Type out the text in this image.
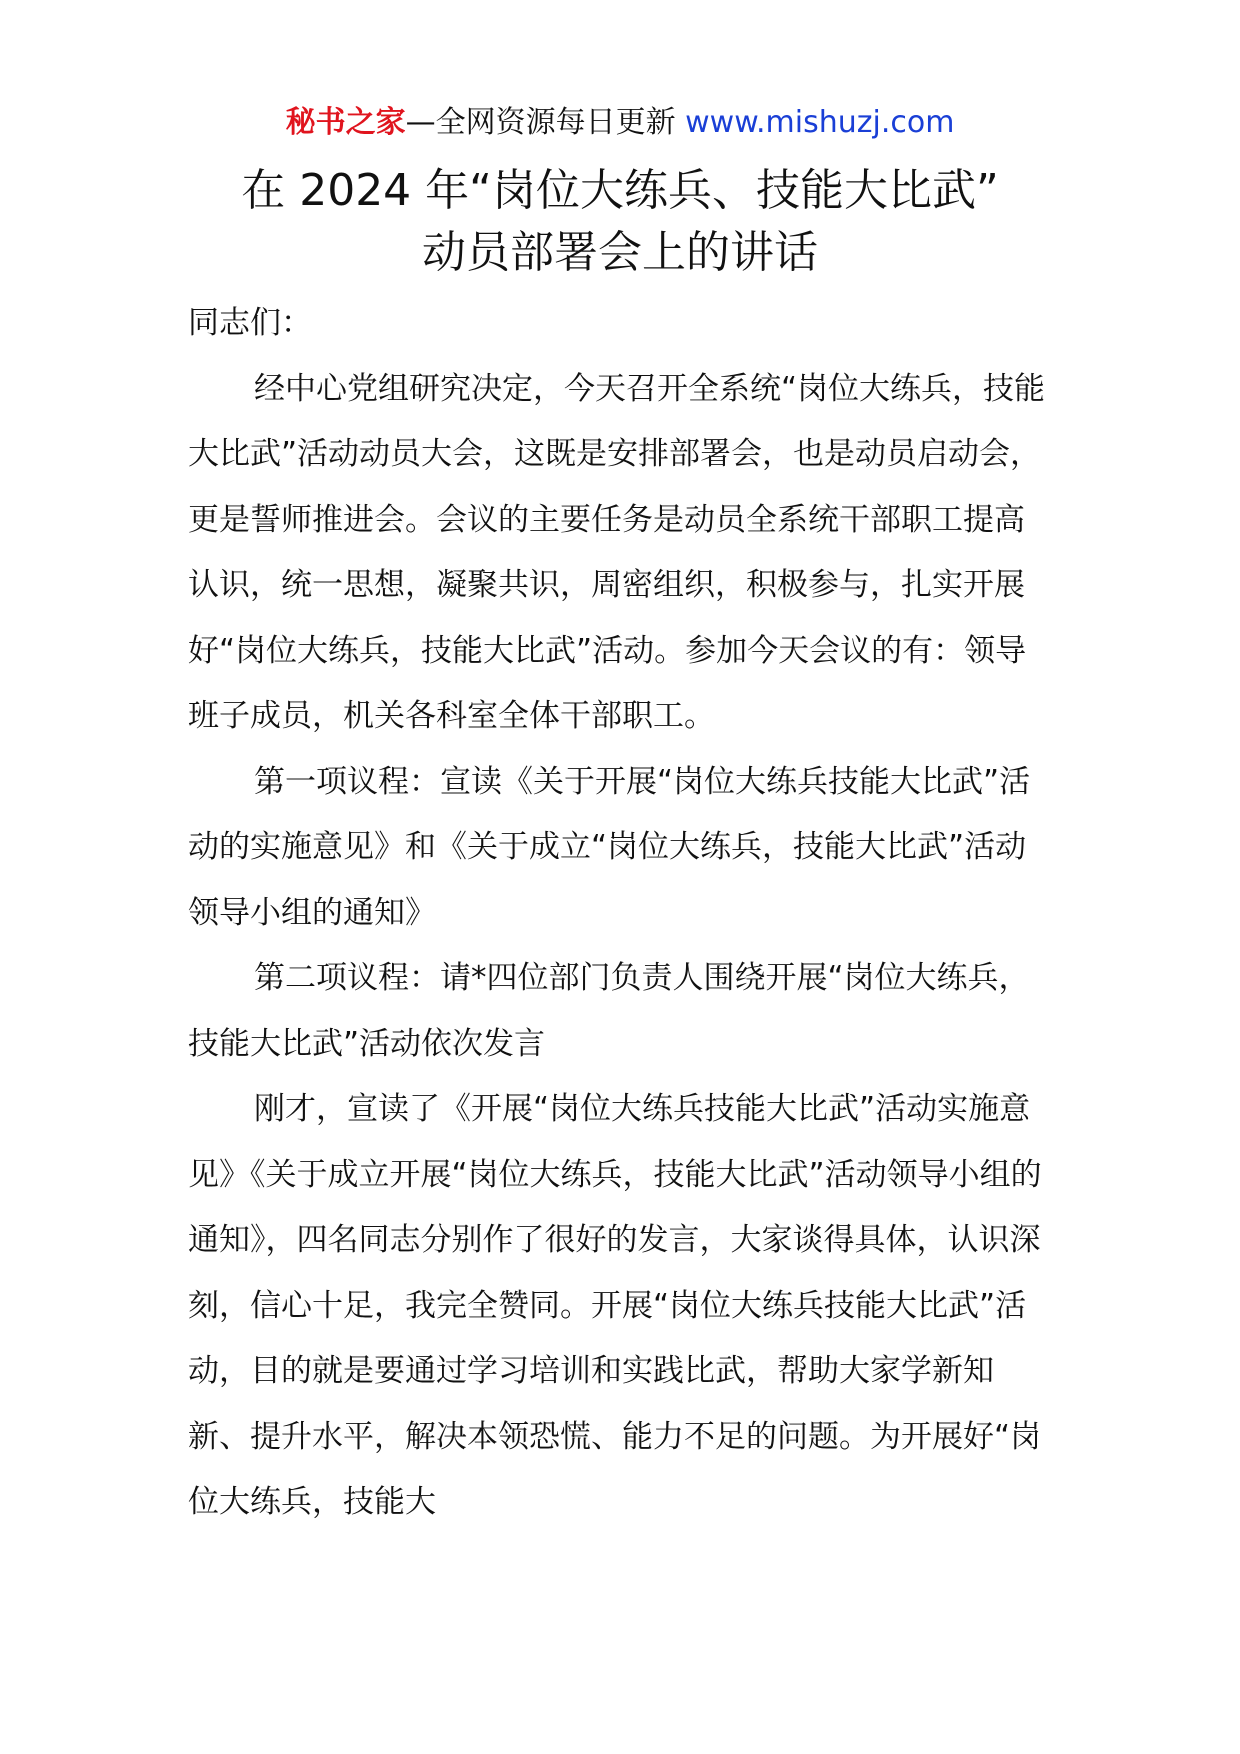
秘书之家—全网资源每日更新 www.mishuzj.com
在 2024 年“岗位大练兵、技能大比武”
动员部署会上的讲话

同志们：

经中心党组研究决定，今天召开全系统“岗位大练兵，技能大比武”活动动员大会，这既是安排部署会，也是动员启动会，更是誓师推进会。会议的主要任务是动员全系统干部职工提高认识，统一思想，凝聚共识，周密组织，积极参与，扎实开展好“岗位大练兵，技能大比武”活动。参加今天会议的有：领导班子成员，机关各科室全体干部职工。

第一项议程：宣读《关于开展“岗位大练兵技能大比武”活动的实施意见》和《关于成立“岗位大练兵，技能大比武”活动领导小组的通知》

第二项议程：请*四位部门负责人围绕开展“岗位大练兵，技能大比武”活动依次发言

刚才，宣读了《开展“岗位大练兵技能大比武”活动实施意见》《关于成立开展“岗位大练兵，技能大比武”活动领导小组的通知》，四名同志分别作了很好的发言，大家谈得具体，认识深刻，信心十足，我完全赞同。开展“岗位大练兵技能大比武”活动，目的就是要通过学习培训和实践比武，帮助大家学新知新、提升水平，解决本领恐慌、能力不足的问题。为开展好“岗位大练兵，技能大
